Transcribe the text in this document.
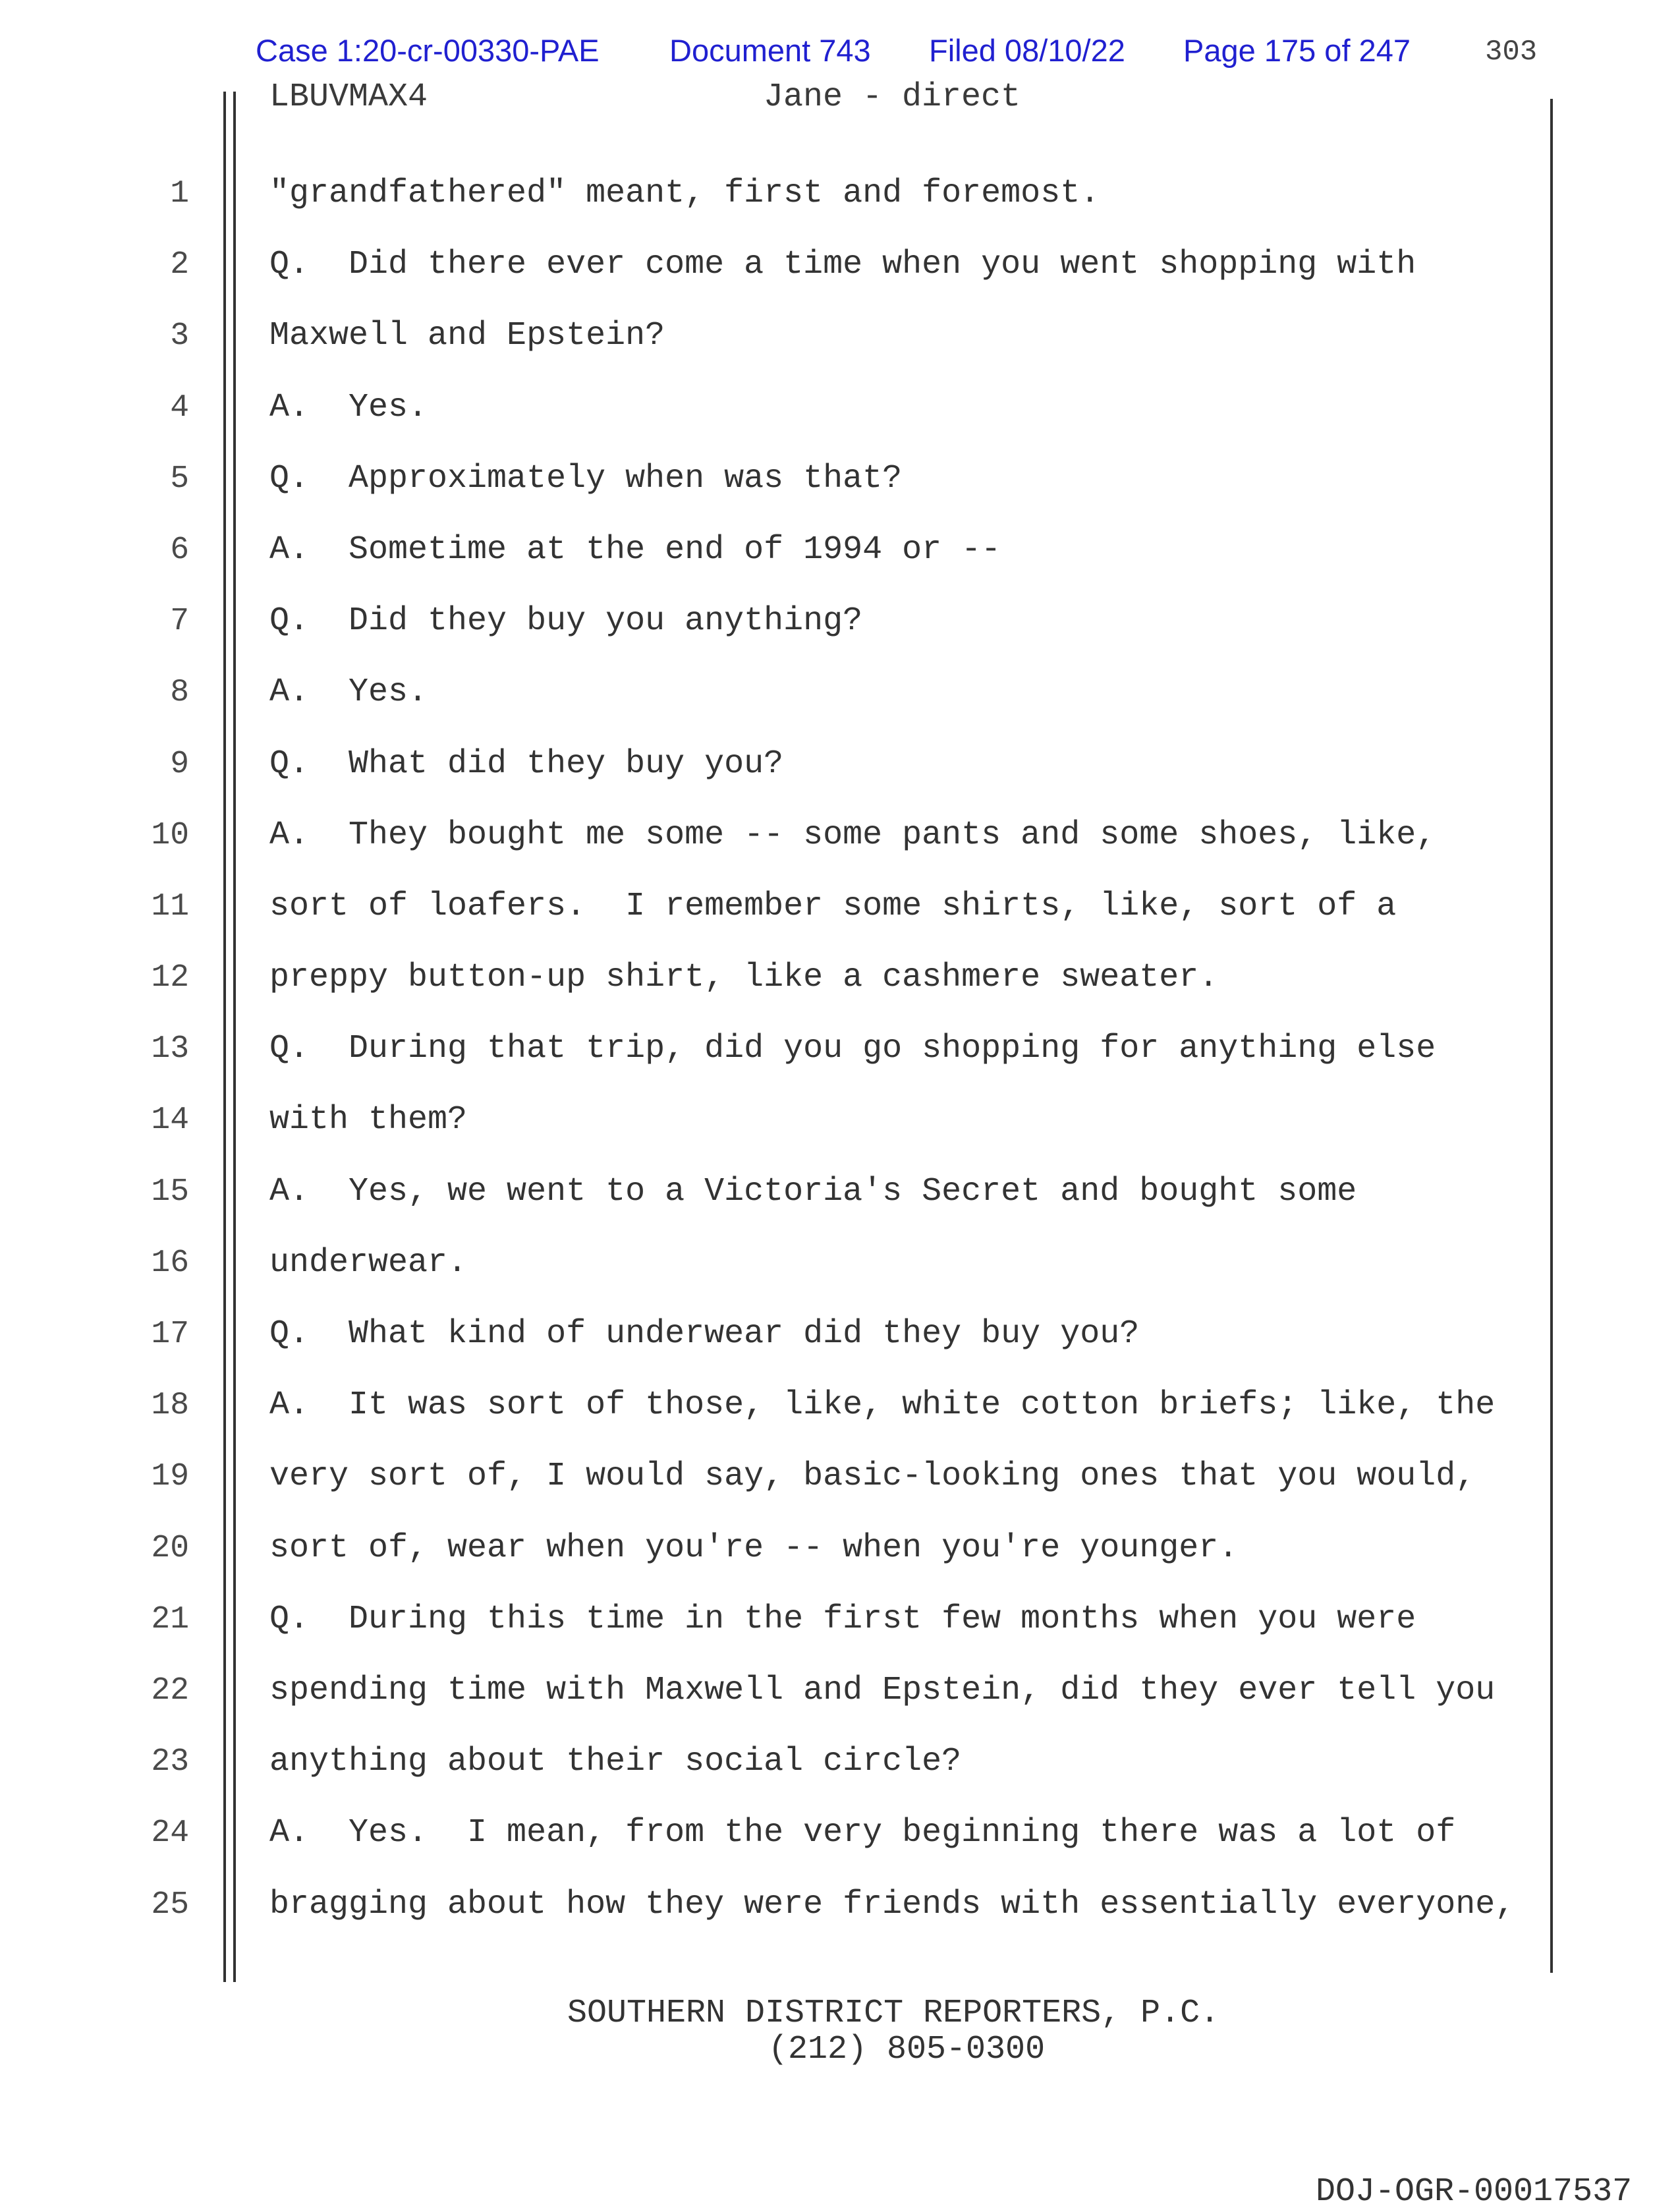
Case 1:20-cr-00330-PAE Document 743 Filed 08/10/22 Page 175 of 247	303
LBUVMAX4	Jane - direct
1 "grandfathered" meant, first and foremost.
2 Q.  Did there ever come a time when you went shopping with
3 Maxwell and Epstein?
4 A.  Yes.
5 Q.  Approximately when was that?
6 A.  Sometime at the end of 1994 or --
7 Q.  Did they buy you anything?
8 A.  Yes.
9 Q.  What did they buy you?
10 A.  They bought me some -- some pants and some shoes, like,
11 sort of loafers.  I remember some shirts, like, sort of a
12 preppy button-up shirt, like a cashmere sweater.
13 Q.  During that trip, did you go shopping for anything else
14 with them?
15 A.  Yes, we went to a Victoria's Secret and bought some
16 underwear.
17 Q.  What kind of underwear did they buy you?
18 A.  It was sort of those, like, white cotton briefs; like, the
19 very sort of, I would say, basic-looking ones that you would,
20 sort of, wear when you're -- when you're younger.
21 Q.  During this time in the first few months when you were
22 spending time with Maxwell and Epstein, did they ever tell you
23 anything about their social circle?
24 A.  Yes.  I mean, from the very beginning there was a lot of
25 bragging about how they were friends with essentially everyone,
SOUTHERN DISTRICT REPORTERS, P.C.
(212) 805-0300
DOJ-OGR-00017537
